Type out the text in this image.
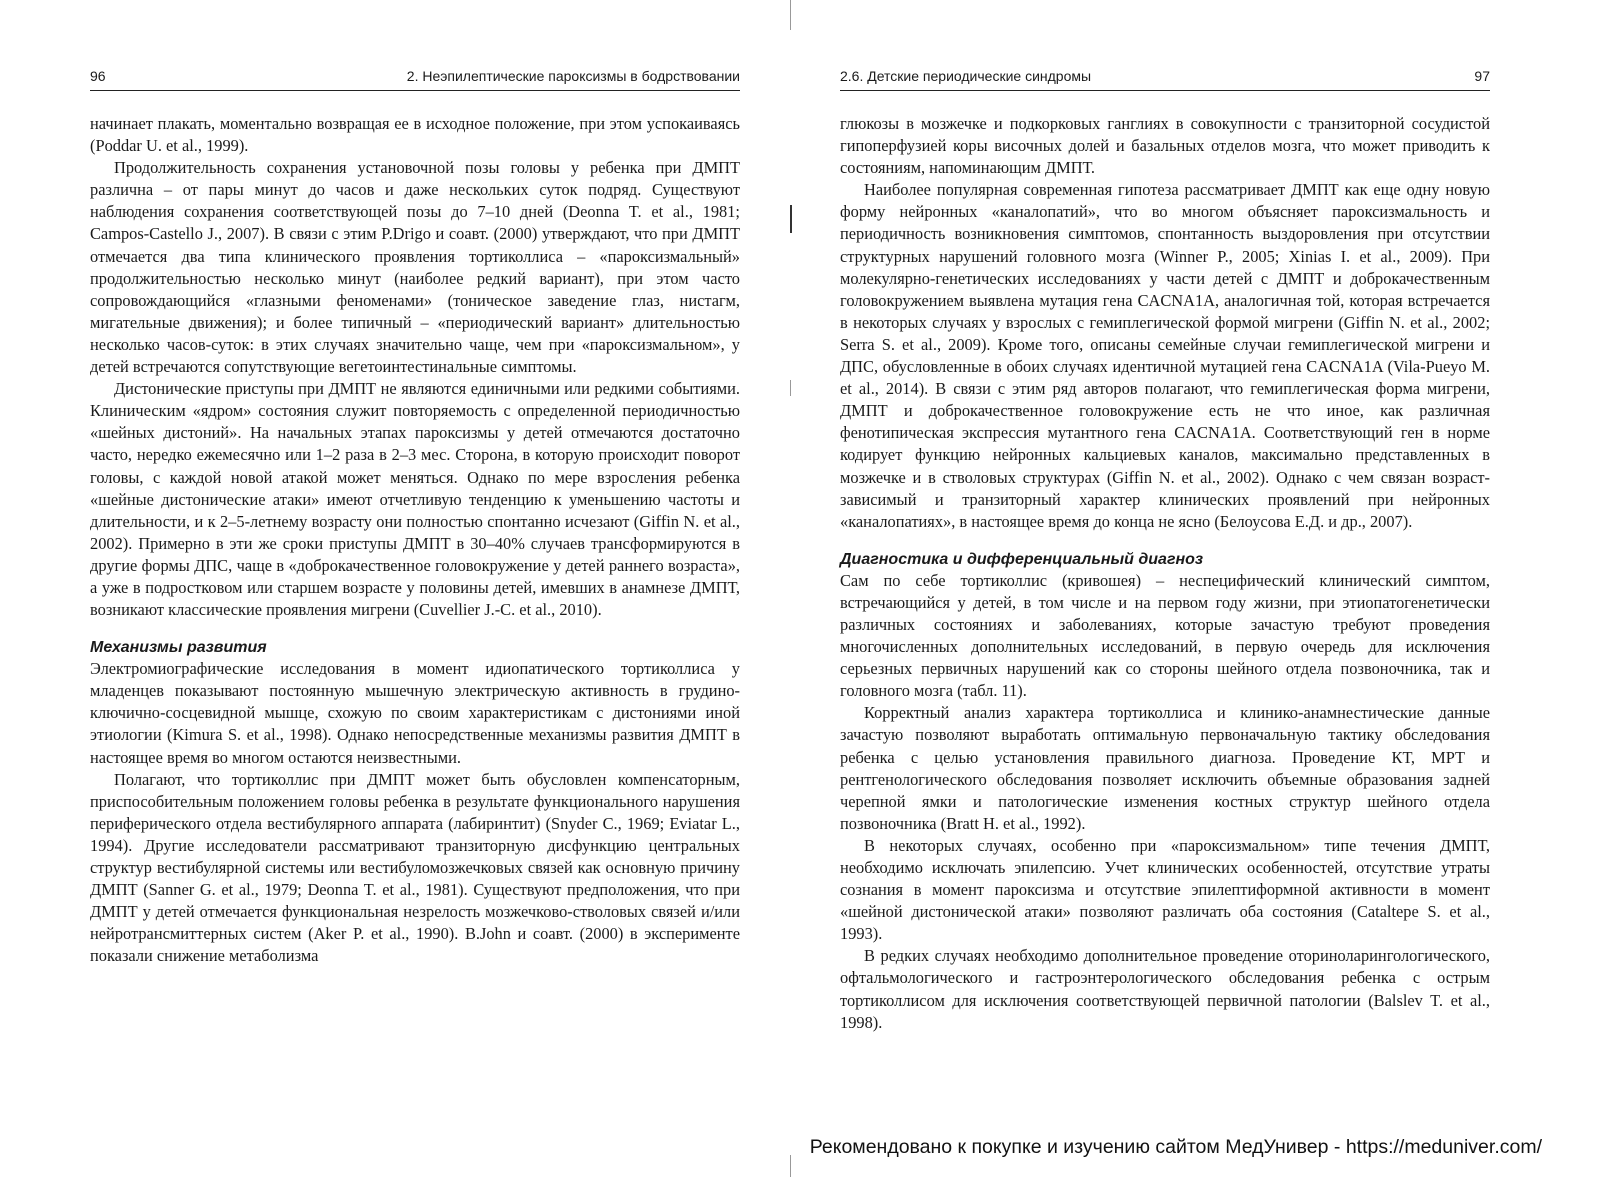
96	2. Неэпилептические пароксизмы в бодрствовании

начинает плакать, моментально возвращая ее в исходное положение, при этом успокаиваясь (Poddar U. et al., 1999).

Продолжительность сохранения установочной позы головы у ребенка при ДМПТ различна – от пары минут до часов и даже нескольких суток подряд. Существуют наблюдения сохранения соответствующей позы до 7–10 дней (Deonna T. et al., 1981; Campos-Castello J., 2007). В связи с этим P.Drigo и соавт. (2000) утверждают, что при ДМПТ отмечается два типа клинического проявления тортиколлиса – «пароксизмальный» продолжительностью несколько минут (наиболее редкий вариант), при этом часто сопровождающийся «глазными феноменами» (тоническое заведение глаз, нистагм, мигательные движения); и более типичный – «периодический вариант» длительностью несколько часов-суток: в этих случаях значительно чаще, чем при «пароксизмальном», у детей встречаются сопутствующие вегетоинтестинальные симптомы.

Дистонические приступы при ДМПТ не являются единичными или редкими событиями. Клиническим «ядром» состояния служит повторяемость с определенной периодичностью «шейных дистоний». На начальных этапах пароксизмы у детей отмечаются достаточно часто, нередко ежемесячно или 1–2 раза в 2–3 мес. Сторона, в которую происходит поворот головы, с каждой новой атакой может меняться. Однако по мере взросления ребенка «шейные дистонические атаки» имеют отчетливую тенденцию к уменьшению частоты и длительности, и к 2–5-летнему возрасту они полностью спонтанно исчезают (Giffin N. et al., 2002). Примерно в эти же сроки приступы ДМПТ в 30–40% случаев трансформируются в другие формы ДПС, чаще в «доброкачественное головокружение у детей раннего возраста», а уже в подростковом или старшем возрасте у половины детей, имевших в анамнезе ДМПТ, возникают классические проявления мигрени (Cuvellier J.-C. et al., 2010).

Механизмы развития

Электромиографические исследования в момент идиопатического тортиколлиса у младенцев показывают постоянную мышечную электрическую активность в грудино-ключично-сосцевидной мышце, схожую по своим характеристикам с дистониями иной этиологии (Kimura S. et al., 1998). Однако непосредственные механизмы развития ДМПТ в настоящее время во многом остаются неизвестными.

Полагают, что тортиколлис при ДМПТ может быть обусловлен компенсаторным, приспособительным положением головы ребенка в результате функционального нарушения периферического отдела вестибулярного аппарата (лабиринтит) (Snyder C., 1969; Eviatar L., 1994). Другие исследователи рассматривают транзиторную дисфункцию центральных структур вестибулярной системы или вестибуломозжечковых связей как основную причину ДМПТ (Sanner G. et al., 1979; Deonna T. et al., 1981). Существуют предположения, что при ДМПТ у детей отмечается функциональная незрелость мозжечково-стволовых связей и/или нейротрансмиттерных систем (Aker P. et al., 1990). B.John и соавт. (2000) в эксперименте показали снижение метаболизма

2.6. Детские периодические синдромы	97

глюкозы в мозжечке и подкорковых ганглиях в совокупности с транзиторной сосудистой гипоперфузией коры височных долей и базальных отделов мозга, что может приводить к состояниям, напоминающим ДМПТ.

Наиболее популярная современная гипотеза рассматривает ДМПТ как еще одну новую форму нейронных «каналопатий», что во многом объясняет пароксизмальность и периодичность возникновения симптомов, спонтанность выздоровления при отсутствии структурных нарушений головного мозга (Winner P., 2005; Xinias I. et al., 2009). При молекулярно-генетических исследованиях у части детей с ДМПТ и доброкачественным головокружением выявлена мутация гена CACNA1A, аналогичная той, которая встречается в некоторых случаях у взрослых с гемиплегической формой мигрени (Giffin N. et al., 2002; Serra S. et al., 2009). Кроме того, описаны семейные случаи гемиплегической мигрени и ДПС, обусловленные в обоих случаях идентичной мутацией гена CACNA1A (Vila-Pueyo M. et al., 2014). В связи с этим ряд авторов полагают, что гемиплегическая форма мигрени, ДМПТ и доброкачественное головокружение есть не что иное, как различная фенотипическая экспрессия мутантного гена CACNA1A. Соответствующий ген в норме кодирует функцию нейронных кальциевых каналов, максимально представленных в мозжечке и в стволовых структурах (Giffin N. et al., 2002). Однако с чем связан возраст-зависимый и транзиторный характер клинических проявлений при нейронных «каналопатиях», в настоящее время до конца не ясно (Белоусова Е.Д. и др., 2007).

Диагностика и дифференциальный диагноз

Сам по себе тортиколлис (кривошея) – неспецифический клинический симптом, встречающийся у детей, в том числе и на первом году жизни, при этиопатогенетически различных состояниях и заболеваниях, которые зачастую требуют проведения многочисленных дополнительных исследований, в первую очередь для исключения серьезных первичных нарушений как со стороны шейного отдела позвоночника, так и головного мозга (табл. 11).

Корректный анализ характера тортиколлиса и клинико-анамнестические данные зачастую позволяют выработать оптимальную первоначальную тактику обследования ребенка с целью установления правильного диагноза. Проведение КТ, МРТ и рентгенологического обследования позволяет исключить объемные образования задней черепной ямки и патологические изменения костных структур шейного отдела позвоночника (Bratt H. et al., 1992).

В некоторых случаях, особенно при «пароксизмальном» типе течения ДМПТ, необходимо исключать эпилепсию. Учет клинических особенностей, отсутствие утраты сознания в момент пароксизма и отсутствие эпилептиформной активности в момент «шейной дистонической атаки» позволяют различать оба состояния (Cataltepe S. et al., 1993).

В редких случаях необходимо дополнительное проведение оториноларингологического, офтальмологического и гастроэнтерологического обследования ребенка с острым тортиколлисом для исключения соответствующей первичной патологии (Balslev T. et al., 1998).

Рекомендовано к покупке и изучению сайтом МедУнивер - https://meduniver.com/
